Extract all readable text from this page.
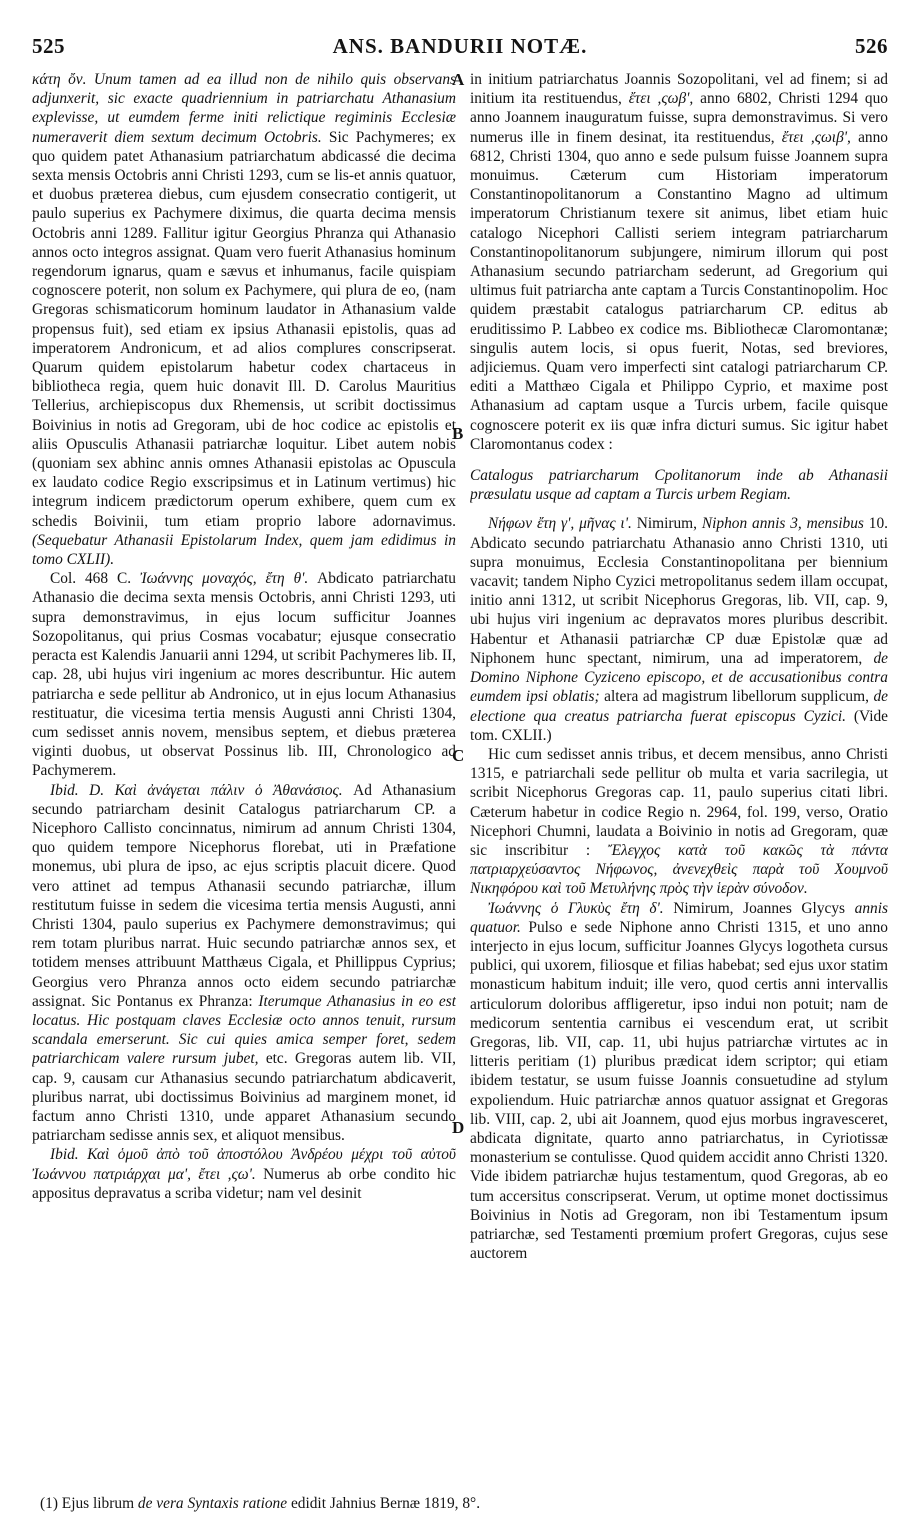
525	ANS. BANDURII NOTÆ.	526

κάτη ὄν. Unum tamen ad ea illud non de nihilo quis observans adjunxerit, sic exacte quadriennium in patriarchatu Athanasium explevisse, ut eumdem ferme initi relictique regiminis Ecclesiæ numeraverit diem sextum decimum Octobris. Sic Pachymeres; ex quo quidem patet Athanasium patriarchatum abdicassé die decima sexta mensis Octobris anni Christi 1293, cum se lis-et annis quatuor, et duobus præterea diebus, cum ejusdem consecratio contigerit, ut paulo superius ex Pachymere diximus, die quarta decima mensis Octobris anni 1289. Fallitur igitur Georgius Phranza qui Athanasio annos octo integros assignat. Quam vero fuerit Athanasius hominum regendorum ignarus, quam e sævus et inhumanus, facile quispiam cognoscere poterit, non solum ex Pachymere, qui plura de eo, (nam Gregoras schismaticorum hominum laudator in Athanasium valde propensus fuit), sed etiam ex ipsius Athanasii epistolis, quas ad imperatorem Andronicum, et ad alios complures conscripserat. Quarum quidem epistolarum habetur codex chartaceus in bibliotheca regia, quem huic donavit Ill. D. Carolus Mauritius Tellerius, archiepiscopus dux Rhemensis, ut scribit doctissimus Boivinius in notis ad Gregoram, ubi de hoc codice ac epistolis et aliis Opusculis Athanasii patriarchæ loquitur. Libet autem nobis (quoniam sex abhinc annis omnes Athanasii epistolas ac Opuscula ex laudato codice Regio exscripsimus et in Latinum vertimus) hic integrum indicem prædictorum operum exhibere, quem cum ex schedis Boivinii, tum etiam proprio labore adornavimus. (Sequebatur Athanasii Epistolarum Index, quem jam edidimus in tomo CXLII).

Col. 468 C. Ἰωάννης μοναχός, ἔτη θ'. Abdicato patriarchatu Athanasio die decima sexta mensis Octobris, anni Christi 1293, uti supra demonstravimus, in ejus locum sufficitur Joannes Sozopolitanus, qui prius Cosmas vocabatur; ejusque consecratio peracta est Kalendis Januarii anni 1294, ut scribit Pachymeres lib. II, cap. 28, ubi hujus viri ingenium ac mores describuntur. Hic autem patriarcha e sede pellitur ab Andronico, ut in ejus locum Athanasius restituatur, die vicesima tertia mensis Augusti anni Christi 1304, cum sedisset annis novem, mensibus septem, et diebus præterea viginti duobus, ut observat Possinus lib. III, Chronologico ad Pachymerem.

Ibid. D. Καὶ ἀνάγεται πάλιν ὁ Ἀθανάσιος. Ad Athanasium secundo patriarcham desinit Catalogus patriarcharum CP. a Nicephoro Callisto concinnatus, nimirum ad annum Christi 1304, quo quidem tempore Nicephorus florebat, uti in Præfatione monemus, ubi plura de ipso, ac ejus scriptis placuit dicere. Quod vero attinet ad tempus Athanasii secundo patriarchæ, illum restitutum fuisse in sedem die vicesima tertia mensis Augusti, anni Christi 1304, paulo superius ex Pachymere demonstravimus; qui rem totam pluribus narrat. Huic secundo patriarchæ annos sex, et totidem menses attribuunt Matthæus Cigala, et Phillippus Cyprius; Georgius vero Phranza annos octo eidem secundo patriarchæ assignat. Sic Pontanus ex Phranza: Iterumque Athanasius in eo est locatus. Hic postquam claves Ecclesiæ octo annos tenuit, rursum scandala emerserunt. Sic cui quies amica semper foret, sedem patriarchicam valere rursum jubet, etc. Gregoras autem lib. VII, cap. 9, causam cur Athanasius secundo patriarchatum abdicaverit, pluribus narrat, ubi doctissimus Boivinius ad marginem monet, id factum anno Christi 1310, unde apparet Athanasium secundo patriarcham sedisse annis sex, et aliquot mensibus.

Ibid. Καὶ ὁμοῦ ἀπὸ τοῦ ἀποστόλου Ἀνδρέου μέχρι τοῦ αὐτοῦ Ἰωάννου πατριάρχαι μα', ἔτει ,ςω'. Numerus ab orbe condito hic appositus depravatus a scriba videtur; nam vel desinit

A
B
C
D

in initium patriarchatus Joannis Sozopolitani, vel ad finem; si ad initium ita restituendus, ἔτει ,ςωβ', anno 6802, Christi 1294 quo anno Joannem inauguratum fuisse, supra demonstravimus. Si vero numerus ille in finem desinat, ita restituendus, ἔτει ,ςωιβ', anno 6812, Christi 1304, quo anno e sede pulsum fuisse Joannem supra monuimus. Cæterum cum Historiam imperatorum Constantinopolitanorum a Constantino Magno ad ultimum imperatorum Christianum texere sit animus, libet etiam huic catalogo Nicephori Callisti seriem integram patriarcharum Constantinopolitanorum subjungere, nimirum illorum qui post Athanasium secundo patriarcham sederunt, ad Gregorium qui ultimus fuit patriarcha ante captam a Turcis Constantinopolim. Hoc quidem præstabit catalogus patriarcharum CP. editus ab eruditissimo P. Labbeo ex codice ms. Bibliothecæ Claromontanæ; singulis autem locis, si opus fuerit, Notas, sed breviores, adjiciemus. Quam vero imperfecti sint catalogi patriarcharum CP. editi a Matthæo Cigala et Philippo Cyprio, et maxime post Athanasium ad captam usque a Turcis urbem, facile quisque cognoscere poterit ex iis quæ infra dicturi sumus. Sic igitur habet Claromontanus codex :

Catalogus patriarcharum Cpolitanorum inde ab Athanasii præsulatu usque ad captam a Turcis urbem Regiam.

Νήφων ἔτη γ', μῆνας ι'. Nimirum, Niphon annis 3, mensibus 10. Abdicato secundo patriarchatu Athanasio anno Christi 1310, uti supra monuimus, Ecclesia Constantinopolitana per biennium vacavit; tandem Nipho Cyzici metropolitanus sedem illam occupat, initio anni 1312, ut scribit Nicephorus Gregoras, lib. VII, cap. 9, ubi hujus viri ingenium ac depravatos mores pluribus describit. Habentur et Athanasii patriarchæ CP duæ Epistolæ quæ ad Niphonem hunc spectant, nimirum, una ad imperatorem, de Domino Niphone Cyziceno episcopo, et de accusationibus contra eumdem ipsi oblatis; altera ad magistrum libellorum supplicum, de electione qua creatus patriarcha fuerat episcopus Cyzici. (Vide tom. CXLII.)

Hic cum sedisset annis tribus, et decem mensibus, anno Christi 1315, e patriarchali sede pellitur ob multa et varia sacrilegia, ut scribit Nicephorus Gregoras cap. 11, paulo superius citati libri. Cæterum habetur in codice Regio n. 2964, fol. 199, verso, Oratio Nicephori Chumni, laudata a Boivinio in notis ad Gregoram, quæ sic inscribitur : Ἔλεγχος κατὰ τοῦ κακῶς τὰ πάντα πατριαρχεύσαντος Νήφωνος, ἀνενεχθεὶς παρὰ τοῦ Χουμνοῦ Νικηφόρου καὶ τοῦ Μετυλήνης πρὸς τὴν ἱερὰν σύνοδον.

Ἰωάννης ὁ Γλυκὺς ἔτη δ'. Nimirum, Joannes Glycys annis quatuor. Pulso e sede Niphone anno Christi 1315, et uno anno interjecto in ejus locum, sufficitur Joannes Glycys logotheta cursus publici, qui uxorem, filiosque et filias habebat; sed ejus uxor statim monasticum habitum induit; ille vero, quod certis anni intervallis articulorum doloribus affligeretur, ipso indui non potuit; nam de medicorum sententia carnibus ei vescendum erat, ut scribit Gregoras, lib. VII, cap. 11, ubi hujus patriarchæ virtutes ac in litteris peritiam (1) pluribus prædicat idem scriptor; qui etiam ibidem testatur, se usum fuisse Joannis consuetudine ad stylum expoliendum. Huic patriarchæ annos quatuor assignat et Gregoras lib. VIII, cap. 2, ubi ait Joannem, quod ejus morbus ingravesceret, abdicata dignitate, quarto anno patriarchatus, in Cyriotissæ monasterium se contulisse. Quod quidem accidit anno Christi 1320. Vide ibidem patriarchæ hujus testamentum, quod Gregoras, ab eo tum accersitus conscripserat. Verum, ut optime monet doctissimus Boivinius in Notis ad Gregoram, non ibi Testamentum ipsum patriarchæ, sed Testamenti prœmium profert Gregoras, cujus sese auctorem

(1) Ejus librum de vera Syntaxis ratione edidit Jahnius Bernæ 1819, 8°.
